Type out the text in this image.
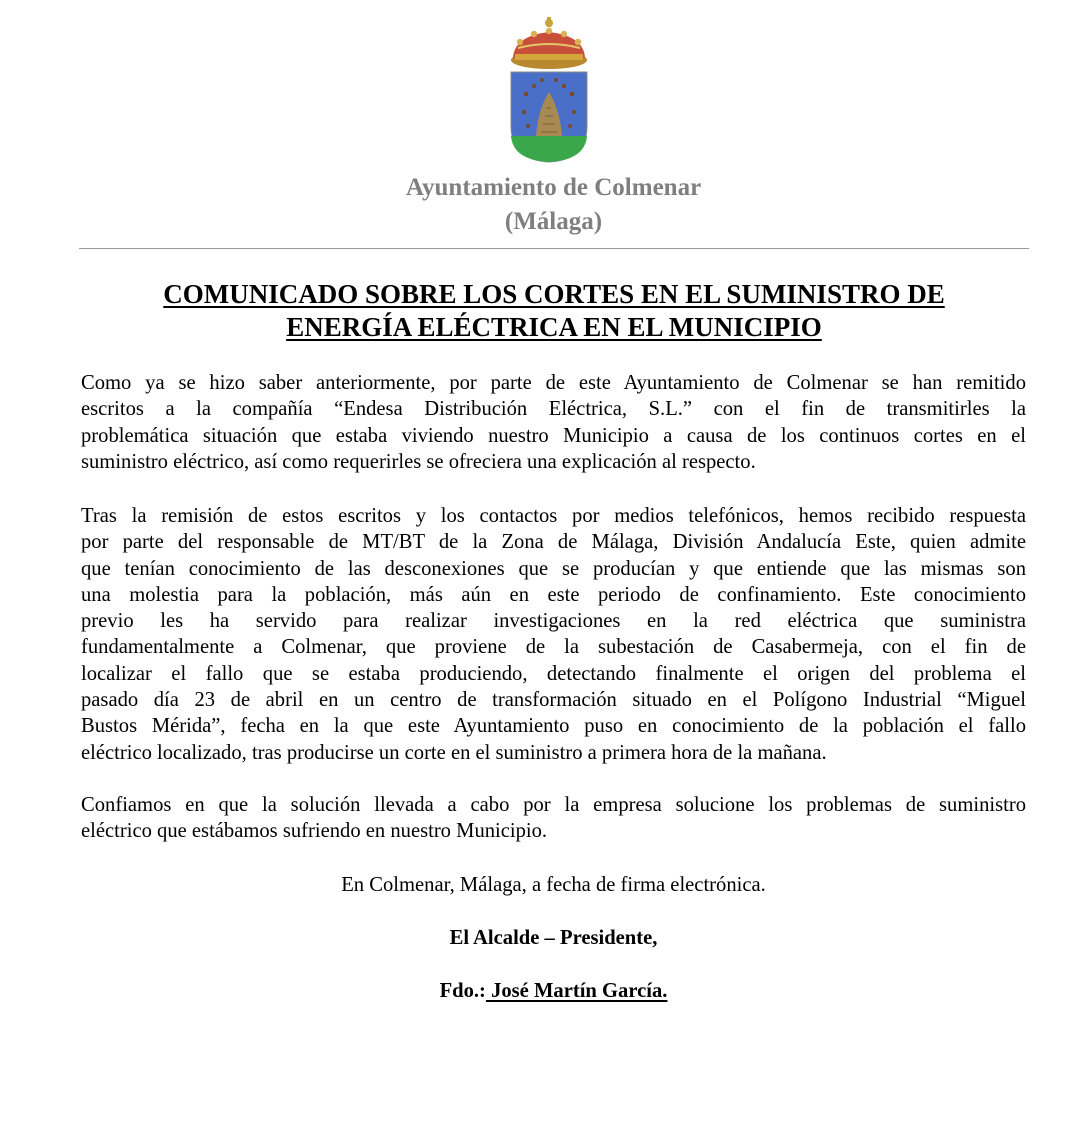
Ayuntamiento de Colmenar
(Málaga)
COMUNICADO SOBRE LOS CORTES EN EL SUMINISTRO DE
ENERGÍA ELÉCTRICA EN EL MUNICIPIO
Como ya se hizo saber anteriormente, por parte de este Ayuntamiento de Colmenar se han remitido
escritos a la compañía “Endesa Distribución Eléctrica, S.L.” con el fin de transmitirles la
problemática situación que estaba viviendo nuestro Municipio a causa de los continuos cortes en el
suministro eléctrico, así como requerirles se ofreciera una explicación al respecto.
Tras la remisión de estos escritos y los contactos por medios telefónicos, hemos recibido respuesta
por parte del responsable de MT/BT de la Zona de Málaga, División Andalucía Este, quien admite
que tenían conocimiento de las desconexiones que se producían y que entiende que las mismas son
una molestia para la población, más aún en este periodo de confinamiento. Este conocimiento
previo les ha servido para realizar investigaciones en la red eléctrica que suministra
fundamentalmente a Colmenar, que proviene de la subestación de Casabermeja, con el fin de
localizar el fallo que se estaba produciendo, detectando finalmente el origen del problema el
pasado día 23 de abril en un centro de transformación situado en el Polígono Industrial “Miguel
Bustos Mérida”, fecha en la que este Ayuntamiento puso en conocimiento de la población el fallo
eléctrico localizado, tras producirse un corte en el suministro a primera hora de la mañana.
Confiamos en que la solución llevada a cabo por la empresa solucione los problemas de suministro
eléctrico que estábamos sufriendo en nuestro Municipio.
En Colmenar, Málaga, a fecha de firma electrónica.
El Alcalde – Presidente,
Fdo.: José Martín García.
